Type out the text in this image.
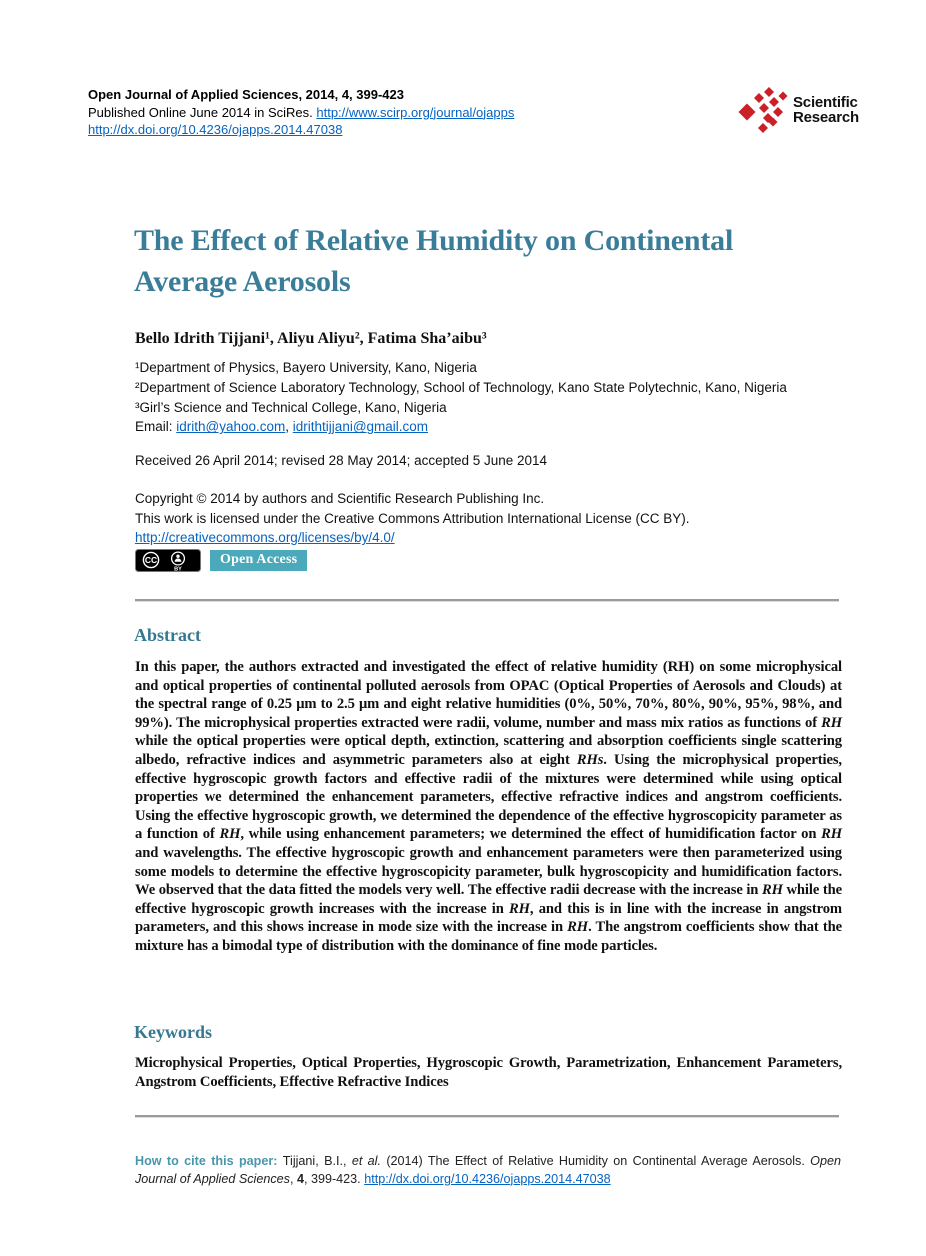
Open Journal of Applied Sciences, 2014, 4, 399-423
Published Online June 2014 in SciRes. http://www.scirp.org/journal/ojapps
http://dx.doi.org/10.4236/ojapps.2014.47038
Scientific
Research
The Effect of Relative Humidity on Continental Average Aerosols
Bello Idrith Tijjani¹, Aliyu Aliyu², Fatima Sha’aibu³
¹Department of Physics, Bayero University, Kano, Nigeria
²Department of Science Laboratory Technology, School of Technology, Kano State Polytechnic, Kano, Nigeria
³Girl’s Science and Technical College, Kano, Nigeria
Email: idrith@yahoo.com, idrithtijjani@gmail.com
Received 26 April 2014; revised 28 May 2014; accepted 5 June 2014
Copyright © 2014 by authors and Scientific Research Publishing Inc.
This work is licensed under the Creative Commons Attribution International License (CC BY).
http://creativecommons.org/licenses/by/4.0/
CC
BY
Open Access
Abstract

In this paper, the authors extracted and investigated the effect of relative humidity (RH) on some microphysical and optical properties of continental polluted aerosols from OPAC (Optical Properties of Aerosols and Clouds) at the spectral range of 0.25 μm to 2.5 μm and eight relative humidities (0%, 50%, 70%, 80%, 90%, 95%, 98%, and 99%). The microphysical properties extracted were radii, volume, number and mass mix ratios as functions of RH while the optical properties were optical depth, extinction, scattering and absorption coefficients single scattering albedo, refractive indices and asymmetric parameters also at eight RHs. Using the microphysical properties, effective hygroscopic growth factors and effective radii of the mixtures were determined while using optical properties we determined the enhancement parameters, effective refractive indices and angstrom coefficients. Using the effective hygroscopic growth, we determined the dependence of the effective hygroscopicity parameter as a function of RH, while using enhancement parameters; we determined the effect of humidification factor on RH and wavelengths. The effective hygroscopic growth and enhancement parameters were then parameterized using some models to determine the effective hygroscopicity parameter, bulk hygroscopicity and humidification factors. We observed that the data fitted the models very well. The effective radii decrease with the increase in RH while the effective hygroscopic growth increases with the increase in RH, and this is in line with the increase in angstrom parameters, and this shows increase in mode size with the increase in RH. The angstrom coefficients show that the mixture has a bimodal type of distribution with the dominance of fine mode particles.

Keywords

Microphysical Properties, Optical Properties, Hygroscopic Growth, Parametrization, Enhancement Parameters, Angstrom Coefficients, Effective Refractive Indices

How to cite this paper: Tijjani, B.I., et al. (2014) The Effect of Relative Humidity on Continental Average Aerosols. Open Journal of Applied Sciences, 4, 399-423. http://dx.doi.org/10.4236/ojapps.2014.47038
